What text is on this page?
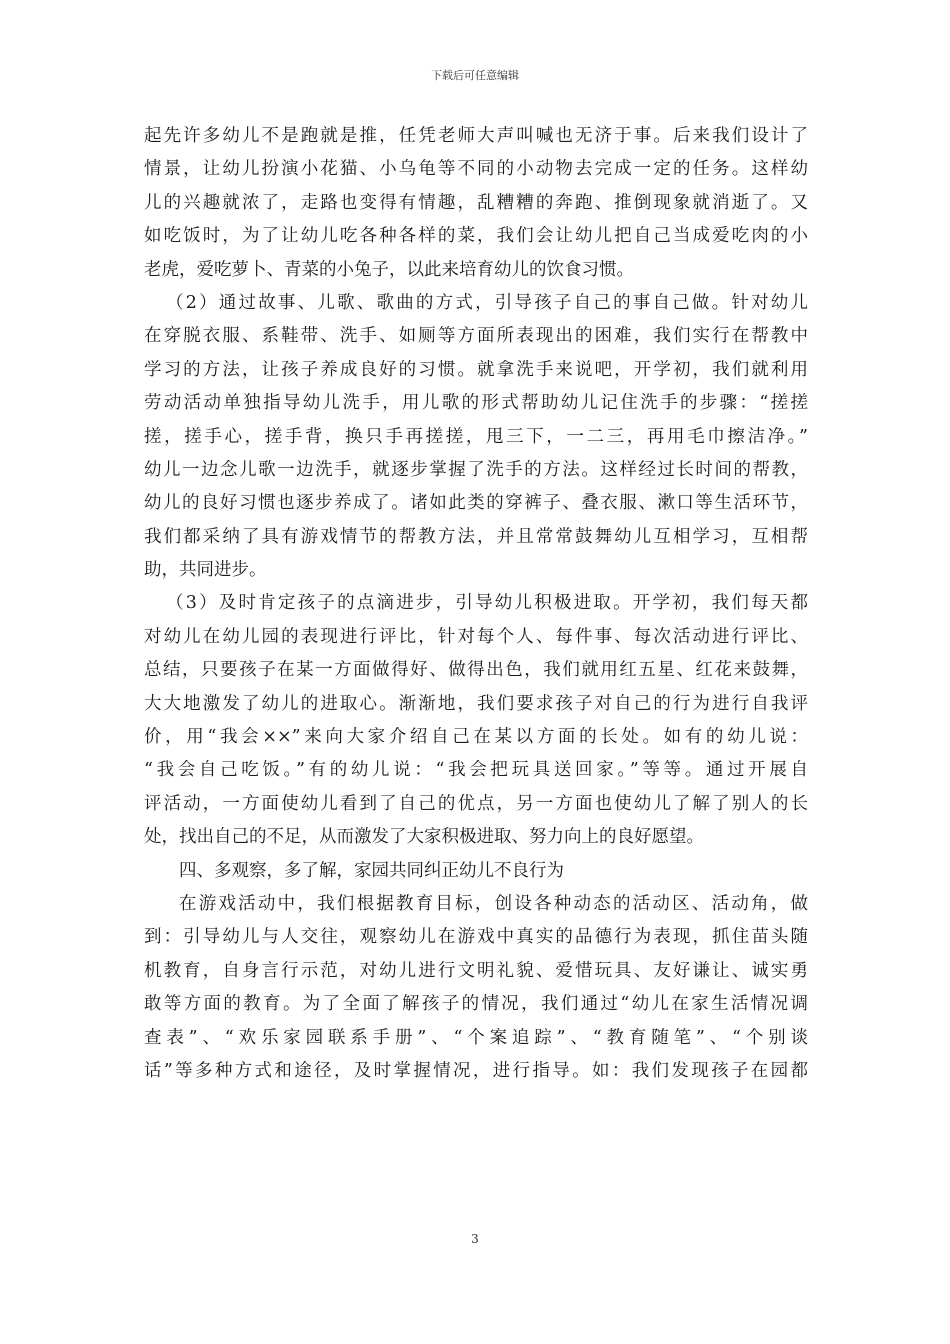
下载后可任意编辑
起先许多幼儿不是跑就是推，任凭老师大声叫喊也无济于事。后来我们设计了
情景，让幼儿扮演小花猫、小乌龟等不同的小动物去完成一定的任务。这样幼
儿的兴趣就浓了，走路也变得有情趣，乱糟糟的奔跑、推倒现象就消逝了。又
如吃饭时，为了让幼儿吃各种各样的菜，我们会让幼儿把自己当成爱吃肉的小
老虎，爱吃萝卜、青菜的小兔子，以此来培育幼儿的饮食习惯。
（2）通过故事、儿歌、歌曲的方式，引导孩子自己的事自己做。针对幼儿
在穿脱衣服、系鞋带、洗手、如厕等方面所表现出的困难，我们实行在帮教中
学习的方法，让孩子养成良好的习惯。就拿洗手来说吧，开学初，我们就利用
劳动活动单独指导幼儿洗手，用儿歌的形式帮助幼儿记住洗手的步骤：“搓搓
搓，搓手心，搓手背，换只手再搓搓，甩三下，一二三，再用毛巾擦洁净。”
幼儿一边念儿歌一边洗手，就逐步掌握了洗手的方法。这样经过长时间的帮教，
幼儿的良好习惯也逐步养成了。诸如此类的穿裤子、叠衣服、漱口等生活环节，
我们都采纳了具有游戏情节的帮教方法，并且常常鼓舞幼儿互相学习，互相帮
助，共同进步。
（3）及时肯定孩子的点滴进步，引导幼儿积极进取。开学初，我们每天都
对幼儿在幼儿园的表现进行评比，针对每个人、每件事、每次活动进行评比、
总结，只要孩子在某一方面做得好、做得出色，我们就用红五星、红花来鼓舞，
大大地激发了幼儿的进取心。渐渐地，我们要求孩子对自己的行为进行自我评
价，用“我会××”来向大家介绍自己在某以方面的长处。如有的幼儿说：
“我会自己吃饭。”有的幼儿说：“我会把玩具送回家。”等等。通过开展自
评活动，一方面使幼儿看到了自己的优点，另一方面也使幼儿了解了别人的长
处，找出自己的不足，从而激发了大家积极进取、努力向上的良好愿望。
四、多观察，多了解，家园共同纠正幼儿不良行为
在游戏活动中，我们根据教育目标，创设各种动态的活动区、活动角，做
到：引导幼儿与人交往，观察幼儿在游戏中真实的品德行为表现，抓住苗头随
机教育，自身言行示范，对幼儿进行文明礼貌、爱惜玩具、友好谦让、诚实勇
敢等方面的教育。为了全面了解孩子的情况，我们通过“幼儿在家生活情况调
查表”、“欢乐家园联系手册”、“个案追踪”、“教育随笔”、“个别谈
话”等多种方式和途径，及时掌握情况，进行指导。如：我们发现孩子在园都
3
